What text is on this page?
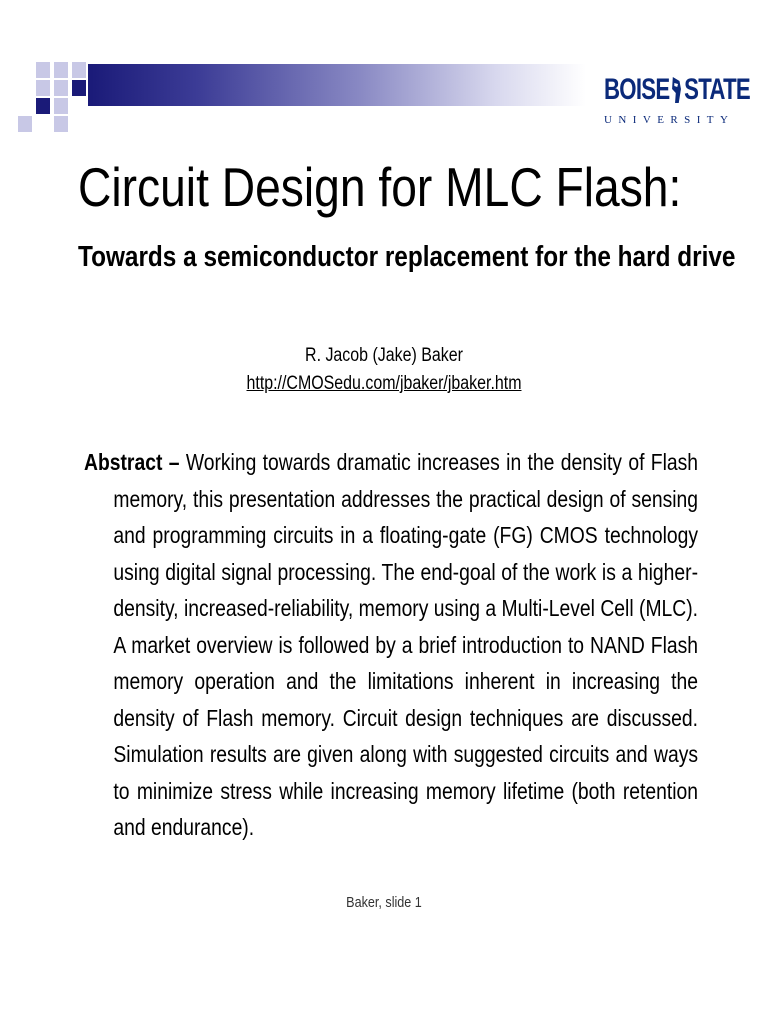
BOISE STATE
U N I V E R S I T Y
Circuit Design for MLC Flash:
Towards a semiconductor replacement for the hard drive
R. Jacob (Jake) Baker
http://CMOSedu.com/jbaker/jbaker.htm

Abstract – Working towards dramatic increases in the density of Flash memory, this presentation addresses the practical design of sensing and programming circuits in a floating-gate (FG) CMOS technology using digital signal processing. The end-goal of the work is a higher-density, increased-reliability, memory using a Multi-Level Cell (MLC). A market overview is followed by a brief introduction to NAND Flash memory operation and the limitations inherent in increasing the density of Flash memory. Circuit design techniques are discussed. Simulation results are given along with suggested circuits and ways to minimize stress while increasing memory lifetime (both retention and endurance).

Baker, slide 1
